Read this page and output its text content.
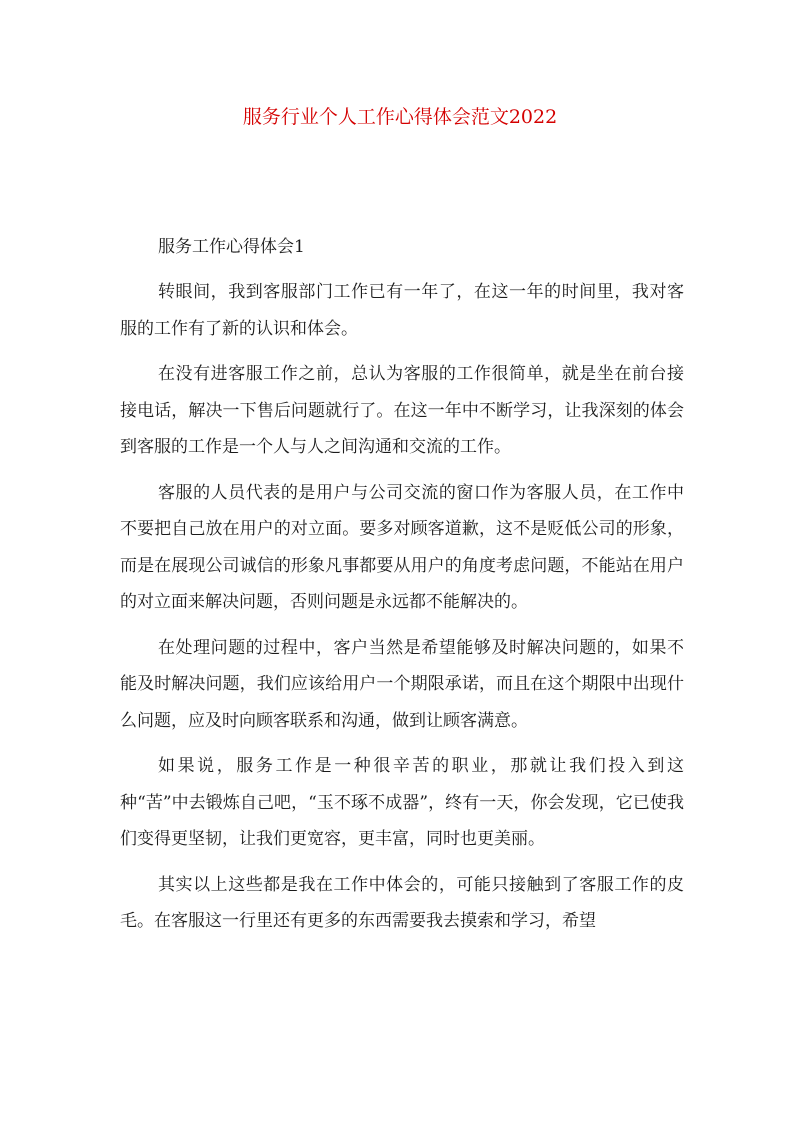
服务行业个人工作心得体会范文2022

服务工作心得体会1

转眼间，我到客服部门工作已有一年了，在这一年的时间里，我对客服的工作有了新的认识和体会。

在没有进客服工作之前，总认为客服的工作很简单，就是坐在前台接接电话，解决一下售后问题就行了。在这一年中不断学习，让我深刻的体会到客服的工作是一个人与人之间沟通和交流的工作。

客服的人员代表的是用户与公司交流的窗口作为客服人员，在工作中不要把自己放在用户的对立面。要多对顾客道歉，这不是贬低公司的形象，而是在展现公司诚信的形象凡事都要从用户的角度考虑问题，不能站在用户的对立面来解决问题，否则问题是永远都不能解决的。

在处理问题的过程中，客户当然是希望能够及时解决问题的，如果不能及时解决问题，我们应该给用户一个期限承诺，而且在这个期限中出现什么问题，应及时向顾客联系和沟通，做到让顾客满意。

如果说，服务工作是一种很辛苦的职业，那就让我们投入到这种“苦”中去锻炼自己吧，“玉不琢不成器”，终有一天，你会发现，它已使我们变得更坚韧，让我们更宽容，更丰富，同时也更美丽。

其实以上这些都是我在工作中体会的，可能只接触到了客服工作的皮毛。在客服这一行里还有更多的东西需要我去摸索和学习，希望
